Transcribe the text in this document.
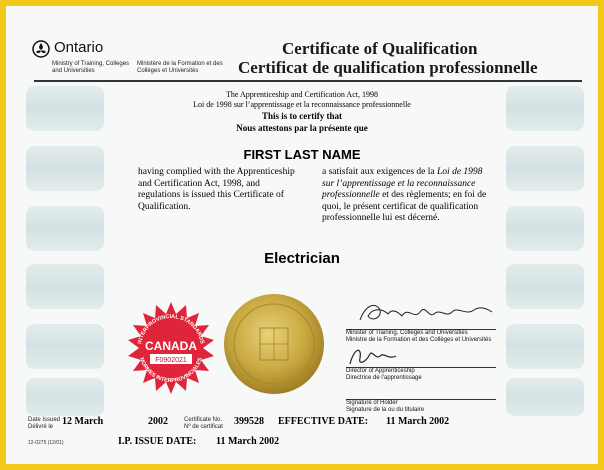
Ontario
Ministry of Training, Colleges and Universities
Ministère de la Formation et des Collèges et Universités
Certificate of Qualification
Certificat de qualification professionnelle
The Apprenticeship and Certification Act, 1998
Loi de 1998 sur l’apprentissage et la reconnaissance professionnelle
This is to certify that
Nous attestons par la présente que
FIRST LAST NAME
having complied with the Apprenticeship and Certification Act, 1998, and regulations is issued this Certificate of Qualification.
a satisfait aux exigences de la Loi de 1998 sur l’apprentissage et la reconnaissance professionnelle et des règlements; en foi de quoi, le présent certificat de qualification professionnelle lui est décerné.
Electrician
INTERPROVINCIAL STANDARDS
CANADA
F0902021
NORMES INTERPROVINCIALES
Minister of Training, Colleges and Universities
Ministre de la Formation et des Collèges et Universités
Director of Apprenticeship
Directrice de l’apprentissage
Signature of Holder
Signature de la ou du titulaire
Date Issued
Délivré le 12 March	2002	Certificate No.
Nº de certificat 399528 EFFECTIVE DATE: 11 March 2002
12-0275 (12/01)	I.P. ISSUE DATE: 11 March 2002
